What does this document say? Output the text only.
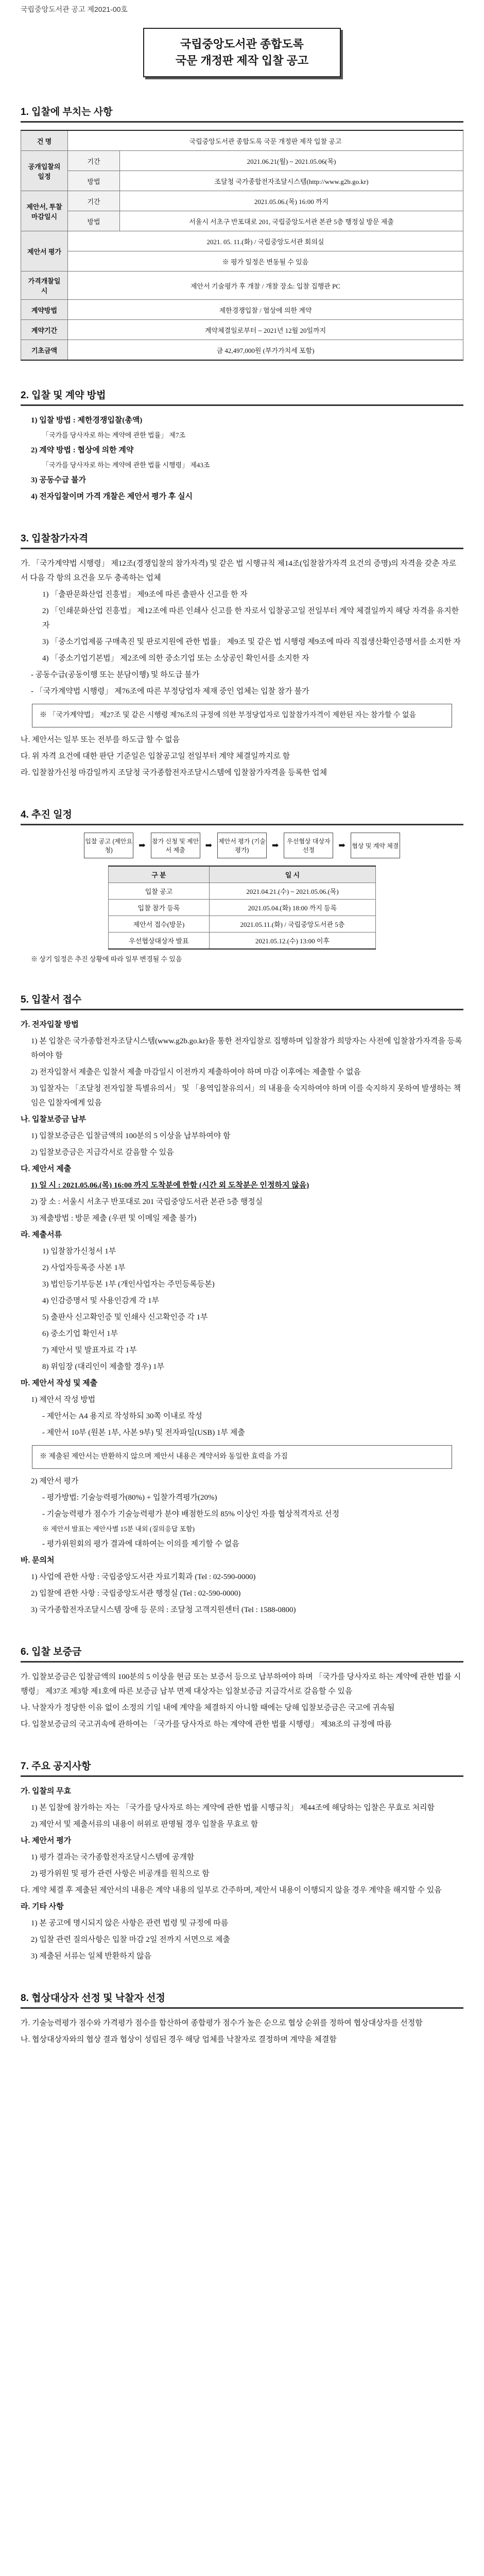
국립중앙도서관 공고 제2021-00호
국립중앙도서관 종합도록
국문 개정판 제작 입찰 공고
1. 입찰에 부치는 사항
건 명	국립중앙도서관 종합도록 국문 개정판 제작 입찰 공고	
공개입찰의 일정	기간	2021.06.21(월) ~ 2021.05.06(목)
	방법	조달청 국가종합전자조달시스템(http://www.g2b.go.kr)
제안서, 투찰마감일시	기간	2021.05.06.(목) 16:00 까지
	방법	서울시 서초구 반포대로 201, 국립중앙도서관 본관 5층 행정실 방문 제출
제안서 평가	2021. 05. 11.(화) / 국립중앙도서관 회의실	
	※ 평가 일정은 변동될 수 있음	
가격개찰일시	제안서 기술평가 후 개찰 / 개찰 장소: 입찰 집행관 PC	
계약방법	제한경쟁입찰 / 협상에 의한 계약	
계약기간	계약체결일로부터 ~ 2021년 12월 20일까지	
기초금액	금 42,497,000원 (부가가치세 포함)	
2. 입찰 및 계약 방법
1) 입찰 방법 : 제한경쟁입찰(총액)
「국가를 당사자로 하는 계약에 관한 법률」 제7조
2) 계약 방법 : 협상에 의한 계약
「국가를 당사자로 하는 계약에 관한 법률 시행령」 제43조
3) 공동수급 불가
4) 전자입찰이며 가격 개찰은 제안서 평가 후 실시
3. 입찰참가자격
가. 「국가계약법 시행령」 제12조(경쟁입찰의 참가자격) 및 같은 법 시행규칙 제14조(입찰참가자격 요건의 증명)의 자격을 갖춘 자로서 다음 각 항의 요건을 모두 충족하는 업체
1) 「출판문화산업 진흥법」 제9조에 따른 출판사 신고를 한 자
2) 「인쇄문화산업 진흥법」 제12조에 따른 인쇄사 신고를 한 자로서 입찰공고일 전일부터 계약 체결일까지 해당 자격을 유지한 자
3) 「중소기업제품 구매촉진 및 판로지원에 관한 법률」 제9조 및 같은 법 시행령 제9조에 따라 직접생산확인증명서를 소지한 자
4) 「중소기업기본법」 제2조에 의한 중소기업 또는 소상공인 확인서를 소지한 자
- 공동수급(공동이행 또는 분담이행) 및 하도급 불가
- 「국가계약법 시행령」 제76조에 따른 부정당업자 제재 중인 업체는 입찰 참가 불가
※ 「국가계약법」 제27조 및 같은 시행령 제76조의 규정에 의한 부정당업자로 입찰참가자격이 제한된 자는 참가할 수 없음
나. 제안서는 일부 또는 전부를 하도급 할 수 없음
다. 위 자격 요건에 대한 판단 기준일은 입찰공고일 전일부터 계약 체결일까지로 함
라. 입찰참가신청 마감일까지 조달청 국가종합전자조달시스템에 입찰참가자격을 등록한 업체
4. 추진 일정
입찰 공고 (제안요청)	➡ 참가 신청 및 제안서 제출	➡ 제안서 평가 (기술평가)	➡	우선협상 대상자 선정	➡ 협상 및 계약 체결
구 분	일 시
입찰 공고	2021.04.21.(수) ~ 2021.05.06.(목)
입찰 참가 등록	2021.05.04.(화) 18:00 까지 등록
제안서 접수(방문)	2021.05.11.(화) / 국립중앙도서관 5층
우선협상대상자 발표	2021.05.12.(수) 13:00 이후
※ 상기 일정은 추진 상황에 따라 일부 변경될 수 있음
5. 입찰서 접수
가. 전자입찰 방법
1) 본 입찰은 국가종합전자조달시스템(www.g2b.go.kr)을 통한 전자입찰로 집행하며 입찰참가 희망자는 사전에 입찰참가자격을 등록하여야 함
2) 전자입찰서 제출은 입찰서 제출 마감일시 이전까지 제출하여야 하며 마감 이후에는 제출할 수 없음
3) 입찰자는 「조달청 전자입찰 특별유의서」 및 「용역입찰유의서」의 내용을 숙지하여야 하며 이를 숙지하지 못하여 발생하는 책임은 입찰자에게 있음
나. 입찰보증금 납부
1) 입찰보증금은 입찰금액의 100분의 5 이상을 납부하여야 함
2) 입찰보증금은 지급각서로 갈음할 수 있음
다. 제안서 제출
1) 일 시 : 2021.05.06.(목) 16:00 까지 도착분에 한함 (시간 외 도착분은 인정하지 않음)
2) 장 소 : 서울시 서초구 반포대로 201 국립중앙도서관 본관 5층 행정실
3) 제출방법 : 방문 제출 (우편 및 이메일 제출 불가)
라. 제출서류
1) 입찰참가신청서 1부
2) 사업자등록증 사본 1부
3) 법인등기부등본 1부 (개인사업자는 주민등록등본)
4) 인감증명서 및 사용인감계 각 1부
5) 출판사 신고확인증 및 인쇄사 신고확인증 각 1부
6) 중소기업 확인서 1부
7) 제안서 및 발표자료 각 1부
8) 위임장 (대리인이 제출할 경우) 1부
마. 제안서 작성 및 제출
1) 제안서 작성 방법
- 제안서는 A4 용지로 작성하되 30쪽 이내로 작성
- 제안서 10부 (원본 1부, 사본 9부) 및 전자파일(USB) 1부 제출
※ 제출된 제안서는 반환하지 않으며 제안서 내용은 계약서와 동일한 효력을 가짐
2) 제안서 평가
- 평가방법: 기술능력평가(80%) + 입찰가격평가(20%)
- 기술능력평가 점수가 기술능력평가 분야 배점한도의 85% 이상인 자를 협상적격자로 선정
※ 제안서 발표는 제안사별 15분 내외 (질의응답 포함)
- 평가위원회의 평가 결과에 대하여는 이의를 제기할 수 없음
바. 문의처
1) 사업에 관한 사항 : 국립중앙도서관 자료기획과 (Tel : 02-590-0000)
2) 입찰에 관한 사항 : 국립중앙도서관 행정실 (Tel : 02-590-0000)
3) 국가종합전자조달시스템 장애 등 문의 : 조달청 고객지원센터 (Tel : 1588-0800)
6. 입찰 보증금
가. 입찰보증금은 입찰금액의 100분의 5 이상을 현금 또는 보증서 등으로 납부하여야 하며 「국가를 당사자로 하는 계약에 관한 법률 시행령」 제37조 제3항 제1호에 따른 보증금 납부 면제 대상자는 입찰보증금 지급각서로 갈음할 수 있음
나. 낙찰자가 정당한 이유 없이 소정의 기일 내에 계약을 체결하지 아니할 때에는 당해 입찰보증금은 국고에 귀속됨
다. 입찰보증금의 국고귀속에 관하여는 「국가를 당사자로 하는 계약에 관한 법률 시행령」 제38조의 규정에 따름
7. 주요 공지사항
가. 입찰의 무효
1) 본 입찰에 참가하는 자는 「국가를 당사자로 하는 계약에 관한 법률 시행규칙」 제44조에 해당하는 입찰은 무효로 처리함
2) 제안서 및 제출서류의 내용이 허위로 판명될 경우 입찰을 무효로 함
나. 제안서 평가
1) 평가 결과는 국가종합전자조달시스템에 공개함
2) 평가위원 및 평가 관련 사항은 비공개를 원칙으로 함
다. 계약 체결 후 제출된 제안서의 내용은 계약 내용의 일부로 간주하며, 제안서 내용이 이행되지 않을 경우 계약을 해지할 수 있음
라. 기타 사항
1) 본 공고에 명시되지 않은 사항은 관련 법령 및 규정에 따름
2) 입찰 관련 질의사항은 입찰 마감 2일 전까지 서면으로 제출
3) 제출된 서류는 일체 반환하지 않음
8. 협상대상자 선정 및 낙찰자 선정
가. 기술능력평가 점수와 가격평가 점수를 합산하여 종합평가 점수가 높은 순으로 협상 순위를 정하여 협상대상자를 선정함
나. 협상대상자와의 협상 결과 협상이 성립된 경우 해당 업체를 낙찰자로 결정하며 계약을 체결함
